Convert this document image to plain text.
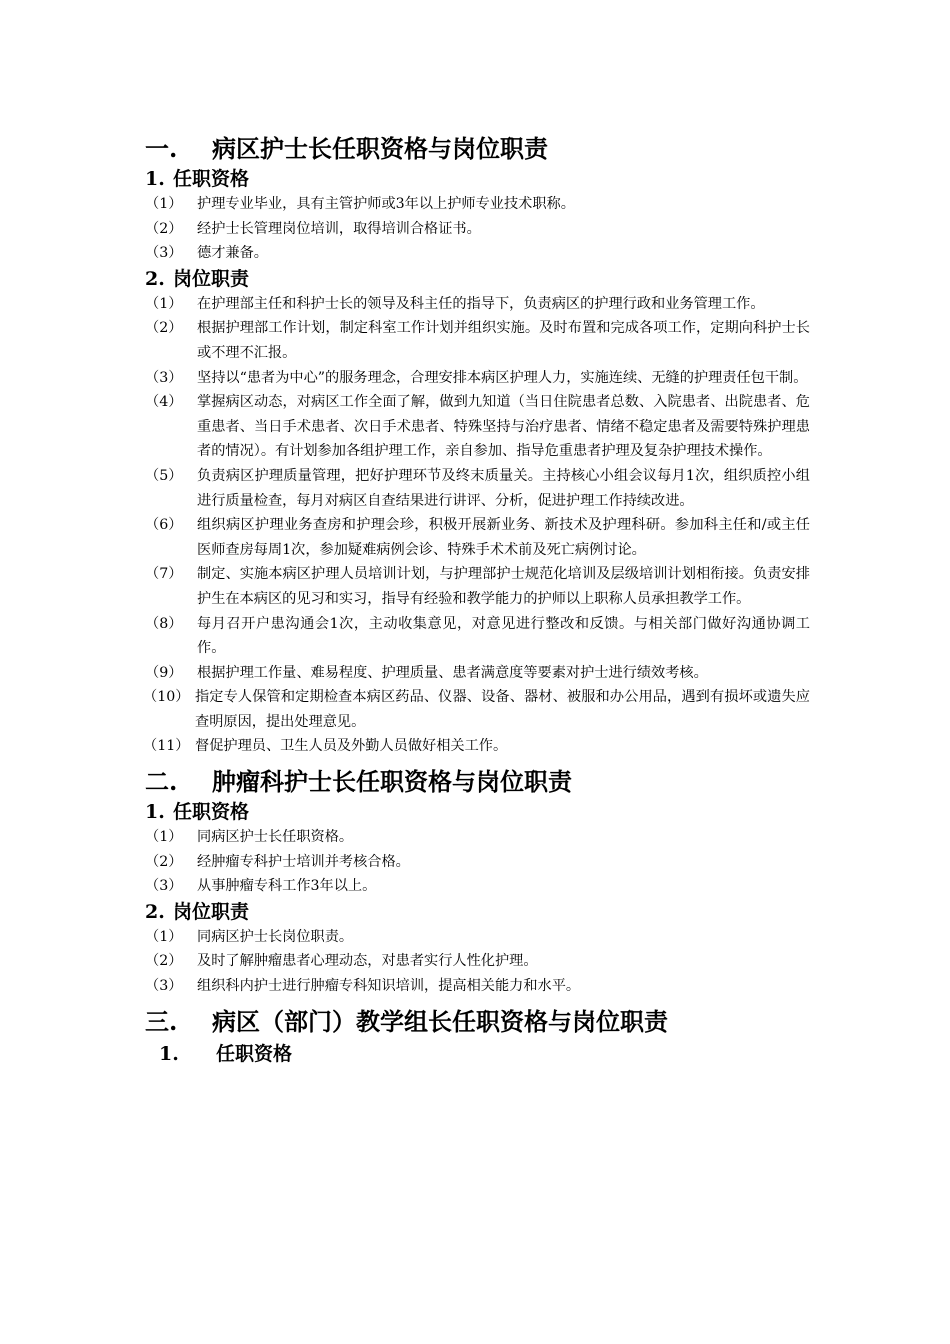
一.	病区护士长任职资格与岗位职责
1. 任职资格
（1）	护理专业毕业，具有主管护师或3年以上护师专业技术职称。
（2）	经护士长管理岗位培训，取得培训合格证书。
（3）	德才兼备。
2. 岗位职责
（1）	在护理部主任和科护士长的领导及科主任的指导下，负责病区的护理行政和业务管理工作。
（2）	根据护理部工作计划，制定科室工作计划并组织实施。及时布置和完成各项工作，定期向科护士长或不理不汇报。
（3）	坚持以“患者为中心”的服务理念，合理安排本病区护理人力，实施连续、无缝的护理责任包干制。
（4）	掌握病区动态，对病区工作全面了解，做到九知道（当日住院患者总数、入院患者、出院患者、危重患者、当日手术患者、次日手术患者、特殊坚持与治疗患者、情绪不稳定患者及需要特殊护理患者的情况）。有计划参加各组护理工作，亲自参加、指导危重患者护理及复杂护理技术操作。
（5）	负责病区护理质量管理，把好护理环节及终末质量关。主持核心小组会议每月1次，组织质控小组进行质量检查，每月对病区自查结果进行讲评、分析，促进护理工作持续改进。
（6）	组织病区护理业务查房和护理会珍，积极开展新业务、新技术及护理科研。参加科主任和/或主任医师查房每周1次，参加疑难病例会诊、特殊手术术前及死亡病例讨论。
（7）	制定、实施本病区护理人员培训计划，与护理部护士规范化培训及层级培训计划相衔接。负责安排护生在本病区的见习和实习，指导有经验和教学能力的护师以上职称人员承担教学工作。
（8）	每月召开户患沟通会1次，主动收集意见，对意见进行整改和反馈。与相关部门做好沟通协调工作。
（9）	根据护理工作量、难易程度、护理质量、患者满意度等要素对护士进行绩效考核。
（10） 指定专人保管和定期检查本病区药品、仪器、设备、器材、被服和办公用品，遇到有损坏或遗失应查明原因，提出处理意见。
（11） 督促护理员、卫生人员及外勤人员做好相关工作。
二.	肿瘤科护士长任职资格与岗位职责
1. 任职资格
（1）	同病区护士长任职资格。
（2）	经肿瘤专科护士培训并考核合格。
（3）	从事肿瘤专科工作3年以上。
2. 岗位职责
（1）	同病区护士长岗位职责。
（2）	及时了解肿瘤患者心理动态，对患者实行人性化护理。
（3）	组织科内护士进行肿瘤专科知识培训，提高相关能力和水平。
三.	病区（部门）教学组长任职资格与岗位职责
1.	任职资格
